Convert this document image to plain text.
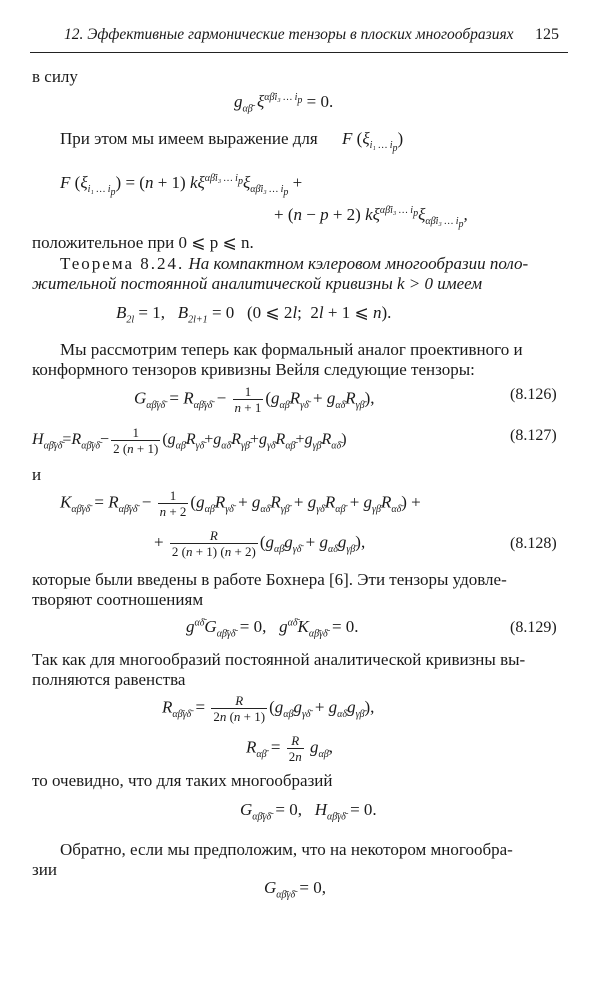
12. Эффективные гармонические тензоры в плоских многообразиях 125
в силу
$g_{\alpha\betā}$ $\xi^{\alpha\betāi_3 \dots i_p} = 0$.
При этом мы имеем выражение для F $(\xi_{i_1 \dots i_p})$
F $(\xi_{i_1 \dots i_p}) = (n + 1) k\xi^{\alpha\betāi_3 \dots i_p}\xi_{\alpha\betāi_3 \dots i_p}$ +
+ (n − p + 2) $k\xi^{\alpha\betāi_3 \dots i_p}\xi_{\alpha\betāi_3 \dots i_p}$,
положительное при 0 ⩽ p ⩽ n.
Теорема 8.24. На компактном кэлеровом многообразии поло-
жительной постоянной аналитической кривизны k > 0 имеем
$B_{2l} = 1$,   $B_{2l+1} = 0$   (0 ⩽ 2l;  2l + 1 ⩽ n).
Мы рассмотрим теперь как формальный аналог проективного и
конформного тензоров кривизны Вейля следующие тензоры:
$G_{\alpha\betā\gamma\deltā} = R_{\alpha\betā\gamma\deltā} - \frac{1}{n + 1} (g_{\alpha\betā}R_{\gamma\deltā} + g_{\alpha\deltā}R_{\gamma\betā})$,	(8.126)
$H_{\alpha\betā\gamma\deltā}=R_{\alpha\betā\gamma\deltā}- \frac{1}{2 (n + 1)} (g_{\alpha\betā}R_{\gamma\deltā}+g_{\alpha\deltā}R_{\gamma\betā}+g_{\gamma\deltā}R_{\alpha\betā}+g_{\gamma\betā}R_{\alpha\deltā})$	(8.127)
и
$K_{\alpha\betā\gamma\deltā} = R_{\alpha\betā\gamma\deltā} - \frac{1}{n + 2} (g_{\alpha\betā}R_{\gamma\deltā} + g_{\alpha\deltā}R_{\gamma\betā} + g_{\gamma\deltā}R_{\alpha\betā} + g_{\gamma\betā}R_{\alpha\deltā})$ +
+ $\frac{R}{2 (n + 1) (n + 2)} (g_{\alpha\betā}g_{\gamma\deltā} + g_{\alpha\deltā}g_{\gamma\betā})$,	(8.128)
которые были введены в работе Бохнера [6]. Эти тензоры удовле-
творяют соотношениям
$g^{\alpha\deltā}G_{\alpha\betā\gamma\deltā} = 0$,   $g^{\alpha\deltā}K_{\alpha\betā\gamma\deltā} = 0$.	(8.129)
Так как для многообразий постоянной аналитической кривизны вы-
полняются равенства
$R_{\alpha\betā\gamma\deltā} = \frac{R}{2n (n + 1)} (g_{\alpha\betā}g_{\gamma\deltā} + g_{\alpha\deltā}g_{\gamma\betā})$,
$R_{\alpha\betā} = \frac{R}{2n} g_{\alpha\betā}$,
то очевидно, что для таких многообразий
$G_{\alpha\betā\gamma\deltā} = 0$,   $H_{\alpha\betā\gamma\deltā} = 0$.
Обратно, если мы предположим, что на некотором многообра-
зии
$G_{\alpha\betā\gamma\deltā} = 0$,
